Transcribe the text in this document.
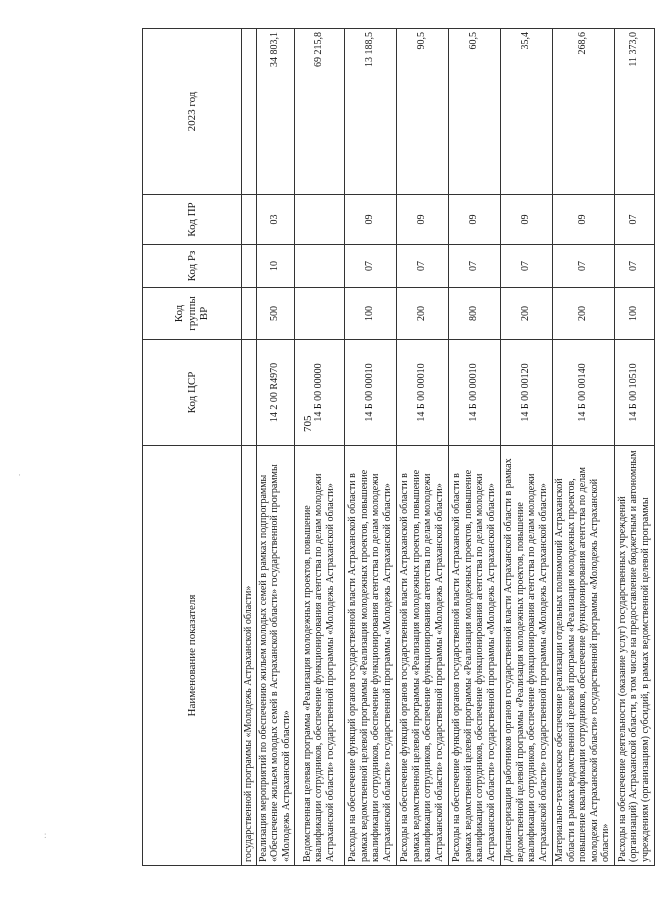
705
·
:
Наименование показателя	Код ЦСР	Код группы ВР	Код Рз	Код ПР	2023 год
государственной программы «Молодежь Астраханской области»					
Реализация мероприятий по обеспечению жильем молодых семей в рамках подпрограммы «Обеспечение жильем молодых семей в Астраханской области» государственной программы «Молодежь Астраханской области»	14 2 00 R4970	500	10	03	34 803,1
Ведомственная целевая программа «Реализация молодежных проектов, повышение квалификации сотрудников, обеспечение функционирования агентства по делам молодежи Астраханской области» государственной программы «Молодежь Астраханской области»	14 Б 00 00000				69 215,8
Расходы на обеспечение функций органов государственной власти Астраханской области в рамках ведомственной целевой программы «Реализация молодежных проектов, повышение квалификации сотрудников, обеспечение функционирования агентства по делам молодежи Астраханской области» государственной программы «Молодежь Астраханской области»	14 Б 00 00010	100	07	09	13 188,5
Расходы на обеспечение функций органов государственной власти Астраханской области в рамках ведомственной целевой программы «Реализация молодежных проектов, повышение квалификации сотрудников, обеспечение функционирования агентства по делам молодежи Астраханской области» государственной программы «Молодежь Астраханской области»	14 Б 00 00010	200	07	09	90,5
Расходы на обеспечение функций органов государственной власти Астраханской области в рамках ведомственной целевой программы «Реализация молодежных проектов, повышение квалификации сотрудников, обеспечение функционирования агентства по делам молодежи Астраханской области» государственной программы «Молодежь Астраханской области»	14 Б 00 00010	800	07	09	60,5
Диспансеризация работников органов государственной власти Астраханской области в рамках ведомственной целевой программы «Реализация молодежных проектов, повышение квалификации сотрудников, обеспечение функционирования агентства по делам молодежи Астраханской области» государственной программы «Молодежь Астраханской области»	14 Б 00 00120	200	07	09	35,4
Материально-техническое обеспечение реализации отдельных полномочий Астраханской области в рамках ведомственной целевой программы «Реализация молодежных проектов, повышение квалификации сотрудников, обеспечение функционирования агентства по делам молодежи Астраханской области» государственной программы «Молодежь Астраханской области»	14 Б 00 00140	200	07	09	268,6
Расходы на обеспечение деятельности (оказание услуг) государственных учреждений (организаций) Астраханской области, в том числе на предоставление бюджетным и автономным учреждениям (организациям) субсидий, в рамках ведомственной целевой программы	14 Б 00 10510	100	07	07	11 373,0
